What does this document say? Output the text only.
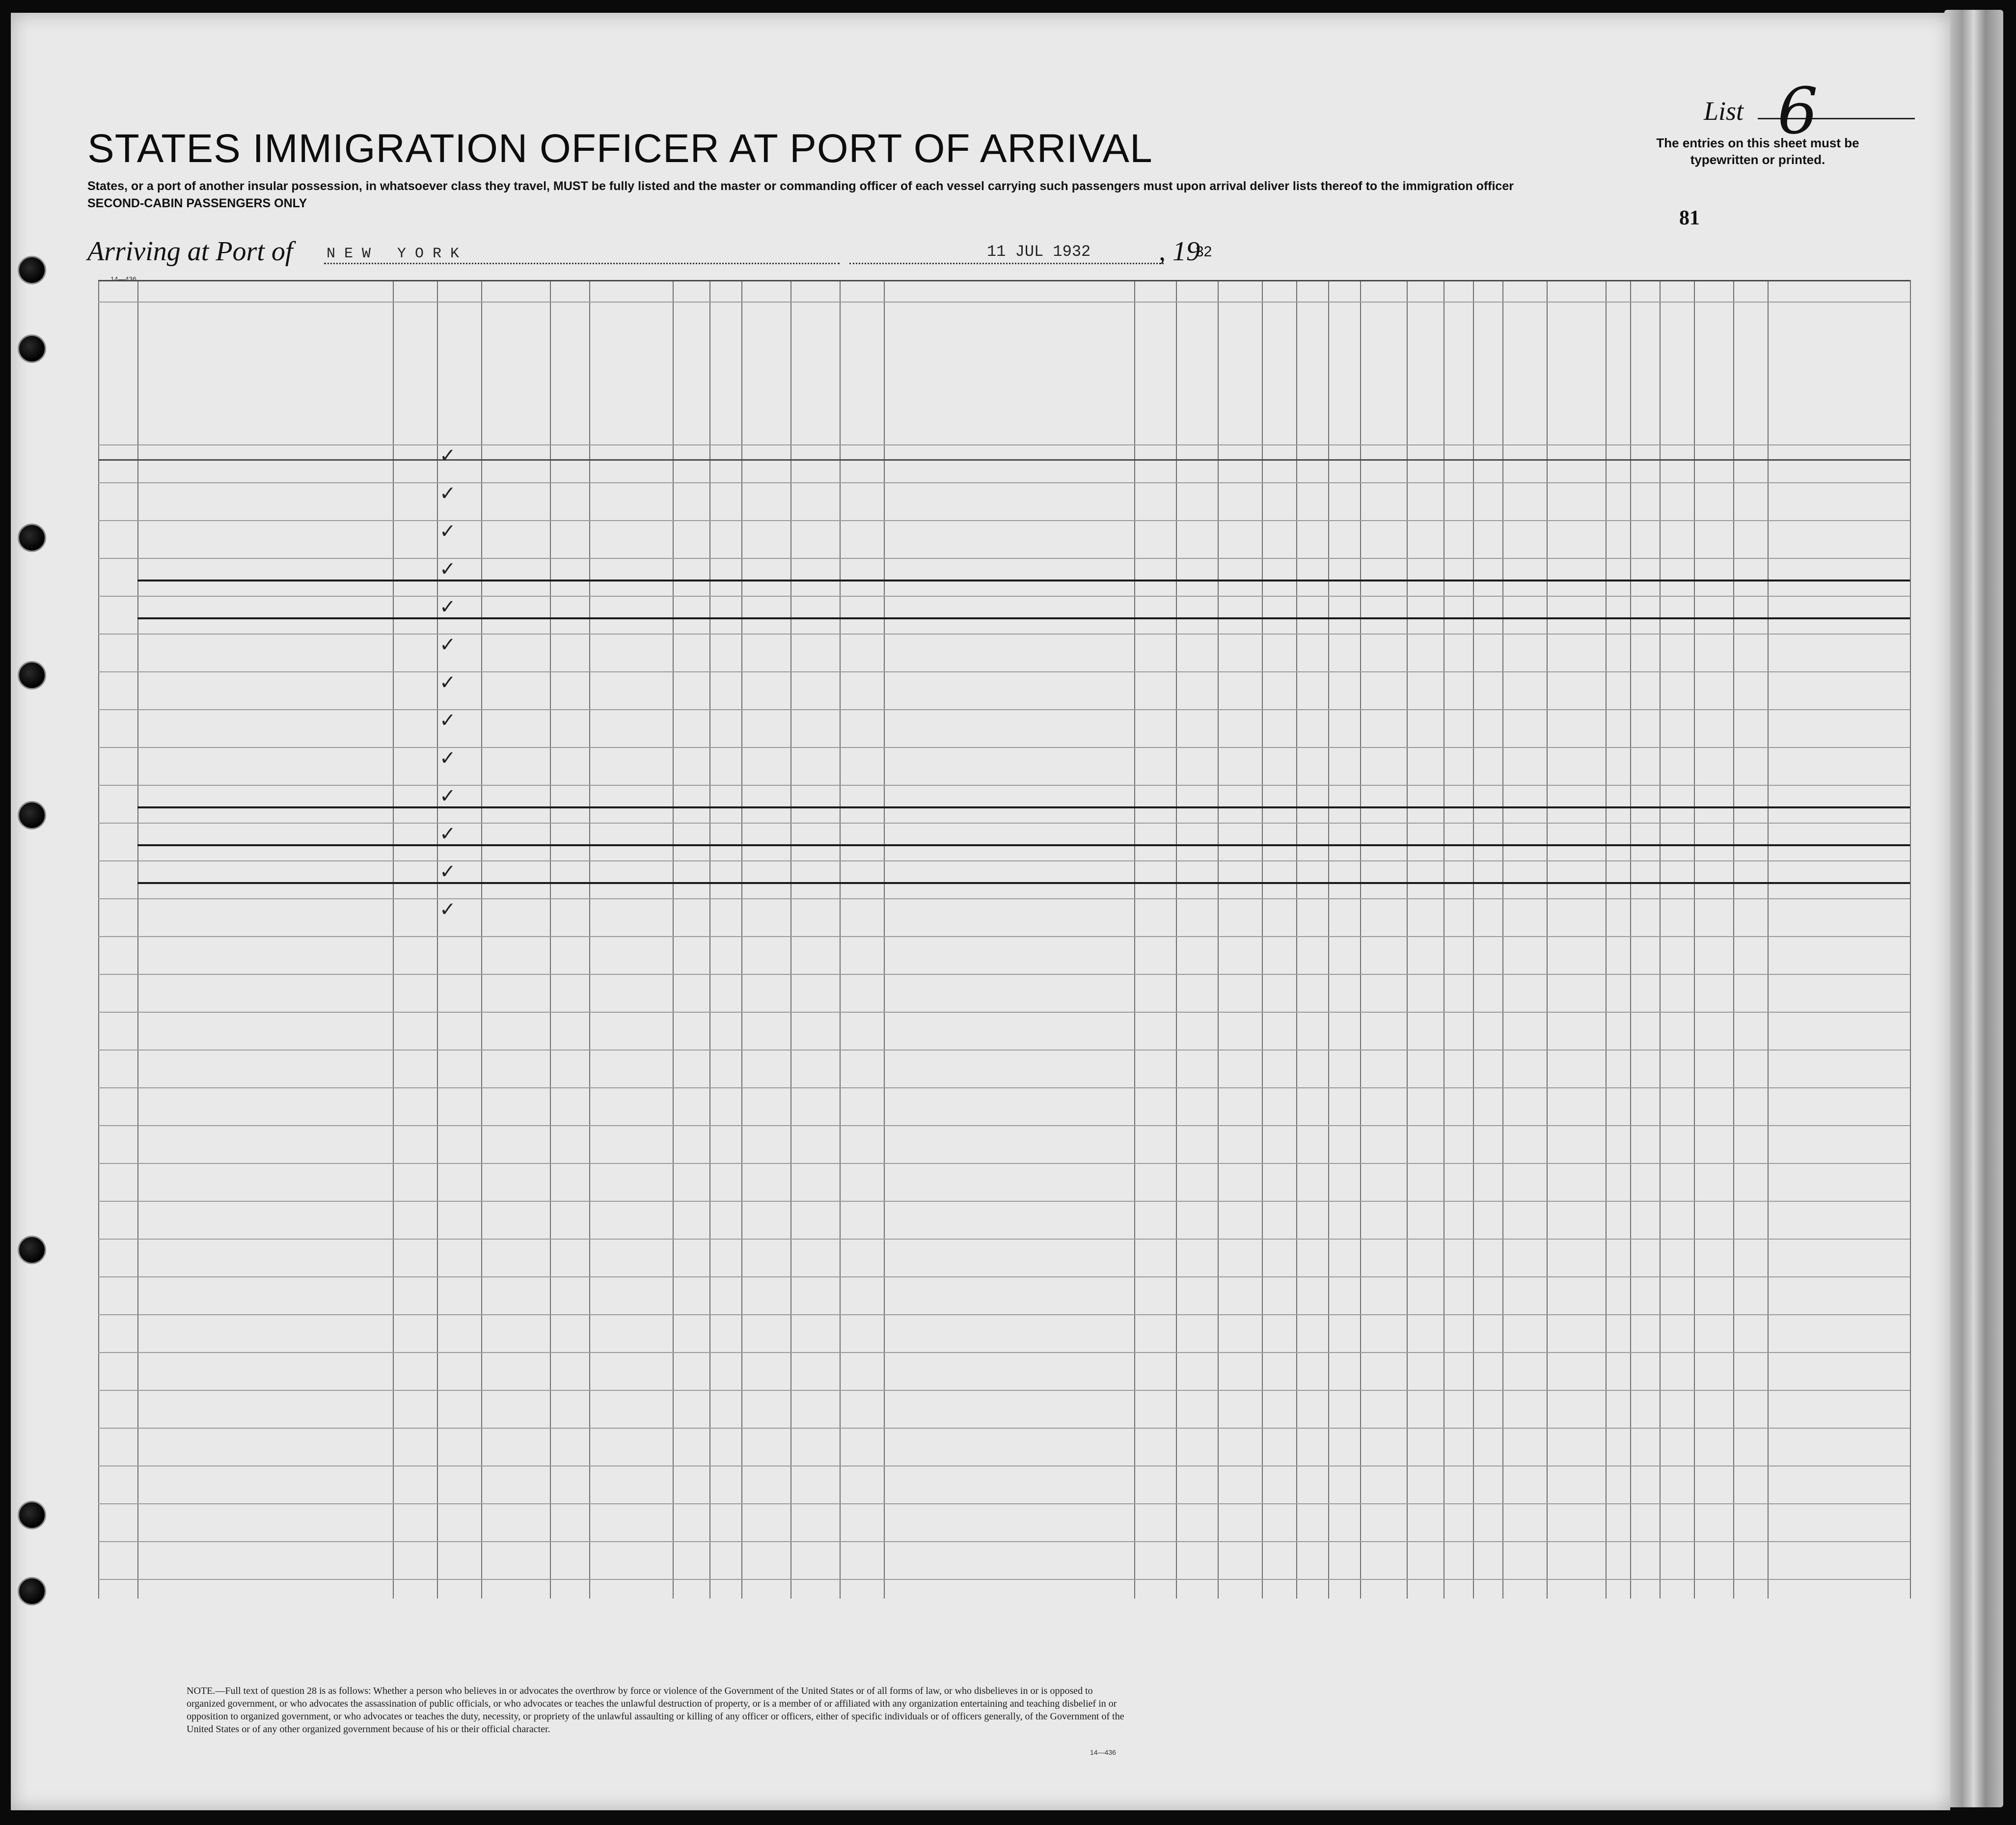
List 6
The entries on this sheet must be typewritten or printed.
STATES IMMIGRATION OFFICER AT PORT OF ARRIVAL
States, or a port of another insular possession, in whatsoever class they travel, MUST be fully listed and the master or commanding officer of each vessel carrying such passengers must upon arrival deliver lists thereof to the immigration officer
SECOND-CABIN PASSENGERS ONLY
81
Arriving at Port of NEW YORK	11 JUL 1932 , 19
32
14—436
✓
✓
✓
✓
✓
✓
✓
✓
✓
✓
✓
✓
✓
NOTE.—Full text of question 28 is as follows: Whether a person who believes in or advocates the overthrow by force or violence of the Government of the United States or of all forms of law, or who disbelieves in or is opposed to organized government, or who advocates the assassination of public officials, or who advocates or teaches the unlawful destruction of property, or is a member of or affiliated with any organization entertaining and teaching disbelief in or opposition to organized government, or who advocates or teaches the duty, necessity, or propriety of the unlawful assaulting or killing of any officer or officers, either of specific individuals or of officers generally, of the Government of the United States or of any other organized government because of his or their official character.
14—436
